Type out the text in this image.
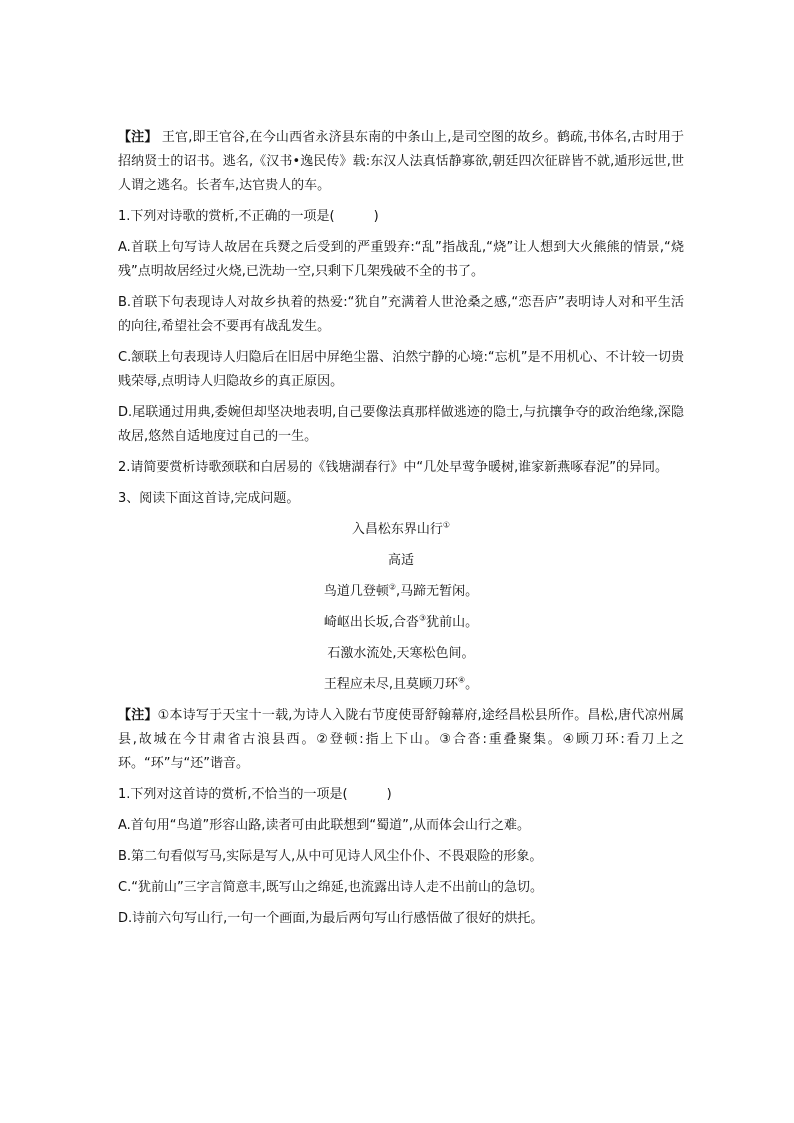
【注】 王官,即王官谷,在今山西省永济县东南的中条山上,是司空图的故乡。鹤疏,书体名,古时用于招纳贤士的诏书。逃名,《汉书•逸民传》载:东汉人法真恬静寡欲,朝廷四次征辟皆不就,遁形远世,世人谓之逃名。长者车,达官贵人的车。

1.下列对诗歌的赏析,不正确的一项是(　　　)

A.首联上句写诗人故居在兵燹之后受到的严重毁弃:“乱”指战乱,“烧”让人想到大火熊熊的情景,“烧残”点明故居经过火烧,已洗劫一空,只剩下几架残破不全的书了。

B.首联下句表现诗人对故乡执着的热爱:“犹自”充满着人世沧桑之感,“恋吾庐”表明诗人对和平生活的向往,希望社会不要再有战乱发生。

C.颔联上句表现诗人归隐后在旧居中屏绝尘嚣、泊然宁静的心境:“忘机”是不用机心、不计较一切贵贱荣辱,点明诗人归隐故乡的真正原因。

D.尾联通过用典,委婉但却坚决地表明,自己要像法真那样做逃迹的隐士,与抗攘争夺的政治绝缘,深隐故居,悠然自适地度过自己的一生。

2.请简要赏析诗歌颈联和白居易的《钱塘湖春行》中“几处早莺争暖树,谁家新燕啄春泥”的异同。

3、阅读下面这首诗,完成问题。

入昌松东界山行①

高适

鸟道几登顿②,马蹄无暂闲。

崎岖出长坂,合沓③犹前山。

石激水流处,天寒松色间。

王程应未尽,且莫顾刀环④。

【注】①本诗写于天宝十一载,为诗人入陇右节度使哥舒翰幕府,途经昌松县所作。昌松,唐代凉州属县,故城在今甘肃省古浪县西。②登顿:指上下山。③合沓:重叠聚集。④顾刀环:看刀上之环。“环”与“还”谐音。

1.下列对这首诗的赏析,不恰当的一项是(　　　)

A.首句用“鸟道”形容山路,读者可由此联想到“蜀道”,从而体会山行之难。

B.第二句看似写马,实际是写人,从中可见诗人风尘仆仆、不畏艰险的形象。

C.“犹前山”三字言简意丰,既写山之绵延,也流露出诗人走不出前山的急切。

D.诗前六句写山行,一句一个画面,为最后两句写山行感悟做了很好的烘托。
